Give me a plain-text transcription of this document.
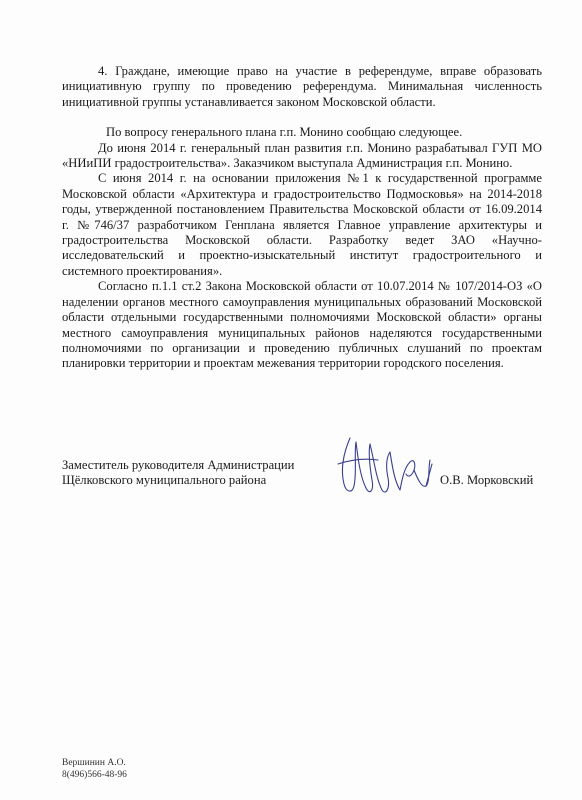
4. Граждане, имеющие право на участие в референдуме, вправе образовать инициативную группу по проведению референдума. Минимальная численность инициативной группы устанавливается законом Московской области.

По вопросу генерального плана г.п. Монино сообщаю следующее.

До июня 2014 г. генеральный план развития г.п. Монино разрабатывал ГУП МО «НИиПИ градостроительства». Заказчиком выступала Администрация г.п. Монино.

С июня 2014 г. на основании приложения №1 к государственной программе Московской области «Архитектура и градостроительство Подмосковья» на 2014-2018 годы, утвержденной постановлением Правительства Московской области от 16.09.2014 г. №746/37 разработчиком Генплана является Главное управление архитектуры и градостроительства Московской области. Разработку ведет ЗАО «Научно-исследовательский и проектно-изыскательный институт градостроительного и системного проектирования».

Согласно п.1.1 ст.2 Закона Московской области от 10.07.2014 № 107/2014-ОЗ «О наделении органов местного самоуправления муниципальных образований Московской области отдельными государственными полномочиями Московской области» органы местного самоуправления муниципальных районов наделяются государственными полномочиями по организации и проведению публичных слушаний по проектам планировки территории и проектам межевания территории городского поселения.

Заместитель руководителя Администрации
Щёлковского муниципального района	О.В. Морковский
Вершинин А.О.
8(496)566-48-96
